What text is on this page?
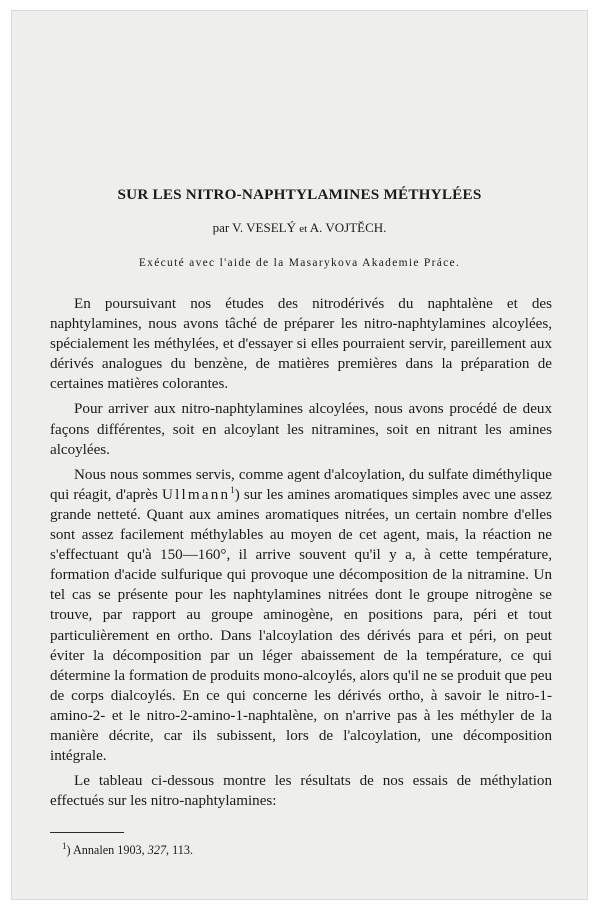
SUR LES NITRO-NAPHTYLAMINES MÉTHYLÉES
par V. VESELÝ et A. VOJTĚCH.
Exécuté avec l'aide de la Masarykova Akademie Práce.

En poursuivant nos études des nitrodérivés du naphtalène et des naphtylamines, nous avons tâché de préparer les nitro-naphtylamines alcoylées, spécialement les méthylées, et d'essayer si elles pourraient servir, pareillement aux dérivés analogues du benzène, de matières premières dans la préparation de certaines matières colorantes.

Pour arriver aux nitro-naphtylamines alcoylées, nous avons procédé de deux façons différentes, soit en alcoylant les nitramines, soit en nitrant les amines alcoylées.

Nous nous sommes servis, comme agent d'alcoylation, du sulfate diméthylique qui réagit, d'après Ullmann$^1$) sur les amines aromatiques simples avec une assez grande netteté. Quant aux amines aromatiques nitrées, un certain nombre d'elles sont assez facilement méthylables au moyen de cet agent, mais, la réaction ne s'effectuant qu'à 150—160°, il arrive souvent qu'il y a, à cette température, formation d'acide sulfurique qui provoque une décomposition de la nitramine. Un tel cas se présente pour les naphtylamines nitrées dont le groupe nitrogène se trouve, par rapport au groupe aminogène, en positions para, péri et tout particulièrement en ortho. Dans l'alcoylation des dérivés para et péri, on peut éviter la décomposition par un léger abaissement de la température, ce qui détermine la formation de produits mono-alcoylés, alors qu'il ne se produit que peu de corps dialcoylés. En ce qui concerne les dérivés ortho, à savoir le nitro-1-amino-2- et le nitro-2-amino-1-naphtalène, on n'arrive pas à les méthyler de la manière décrite, car ils subissent, lors de l'alcoylation, une décomposition intégrale.

Le tableau ci-dessous montre les résultats de nos essais de méthylation effectués sur les nitro-naphtylamines:

$^1$) Annalen 1903, 327, 113.
